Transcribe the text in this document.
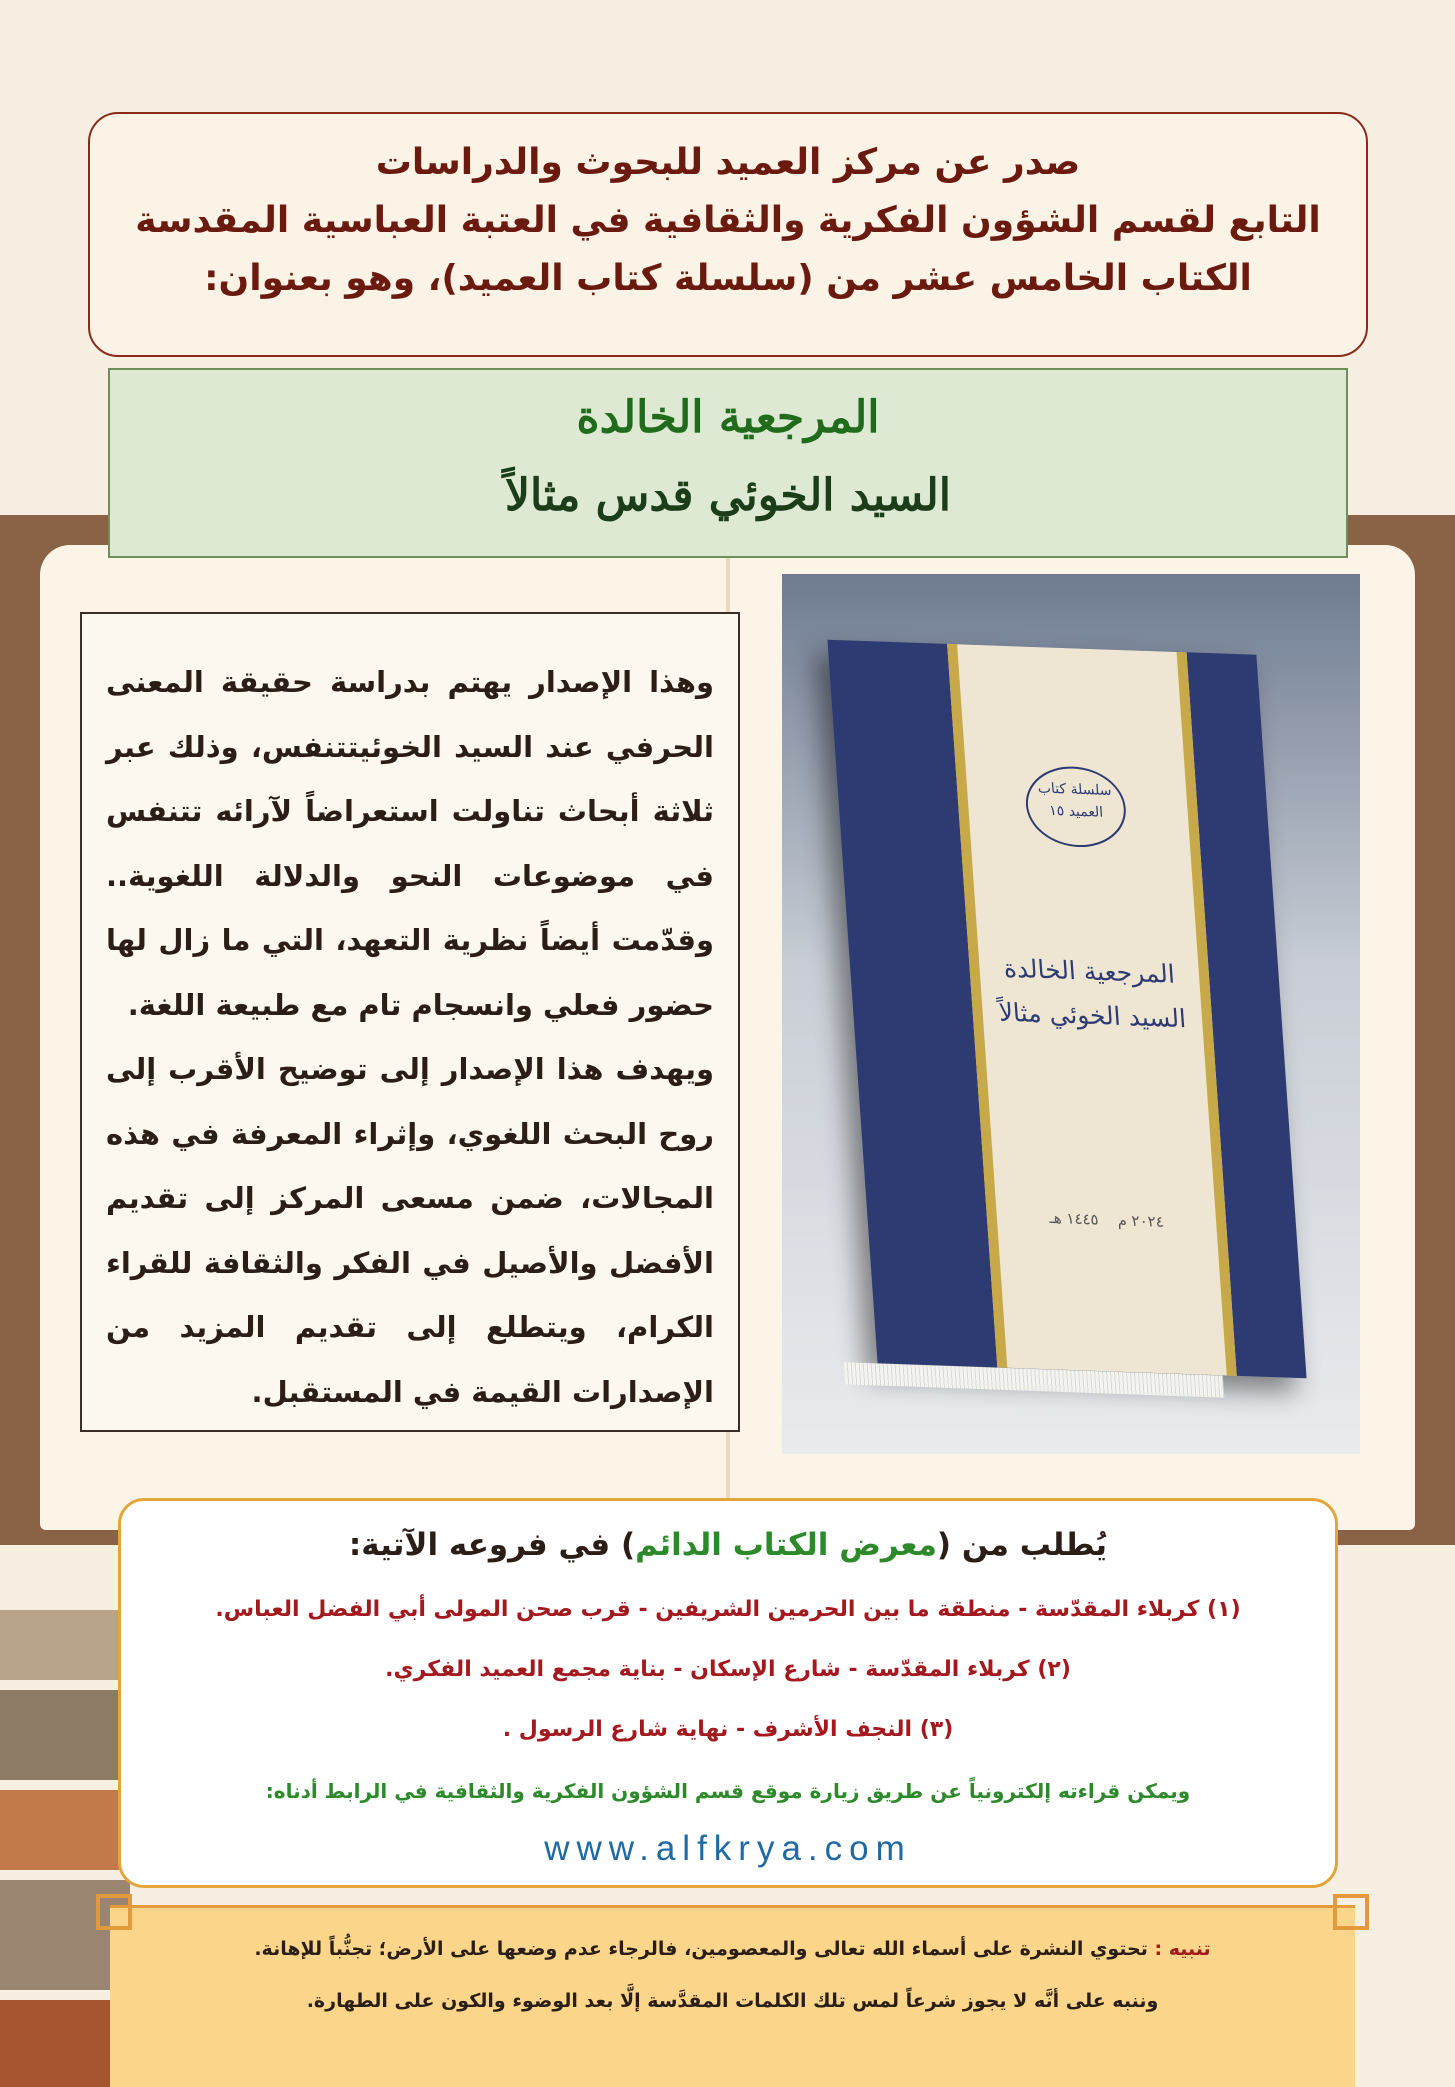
صدر عن مركز العميد للبحوث والدراسات
التابع لقسم الشؤون الفكرية والثقافية في العتبة العباسية المقدسة
الكتاب الخامس عشر من (سلسلة كتاب العميد)، وهو بعنوان:
المرجعية الخالدة
السيد الخوئي قدس مثالاً

وهذا الإصدار يهتم بدراسة حقيقة المعنى الحرفي عند السيد الخوئيتتنفس، وذلك عبر ثلاثة أبحاث تناولت استعراضاً لآرائه تتنفس في موضوعات النحو والدلالة اللغوية.. وقدّمت أيضاً نظرية التعهد، التي ما زال لها حضور فعلي وانسجام تام مع طبيعة اللغة.

ويهدف هذا الإصدار إلى توضيح الأقرب إلى روح البحث اللغوي، وإثراء المعرفة في هذه المجالات، ضمن مسعى المركز إلى تقديم الأفضل والأصيل في الفكر والثقافة للقراء الكرام، ويتطلع إلى تقديم المزيد من الإصدارات القيمة في المستقبل.

سلسلة كتاب العميد ١٥
المرجعية الخالدة
السيد الخوئي مثالاً
٢٠٢٤ م    ١٤٤٥ هـ
يُطلب من (معرض الكتاب الدائم) في فروعه الآتية:
(١) كربلاء المقدّسة - منطقة ما بين الحرمين الشريفين - قرب صحن المولى أبي الفضل العباس.
(٢) كربلاء المقدّسة - شارع الإسكان - بناية مجمع العميد الفكري.
(٣) النجف الأشرف - نهاية شارع الرسول .
ويمكن قراءته إلكترونياً عن طريق زيارة موقع قسم الشؤون الفكرية والثقافية في الرابط أدناه:
www.alfkrya.com
تنبيه : تحتوي النشرة على أسماء الله تعالى والمعصومين، فالرجاء عدم وضعها على الأرض؛ تجنُّباً للإهانة.
وننبه على أنَّه لا يجوز شرعاً لمس تلك الكلمات المقدَّسة إلَّا بعد الوضوء والكون على الطهارة.
